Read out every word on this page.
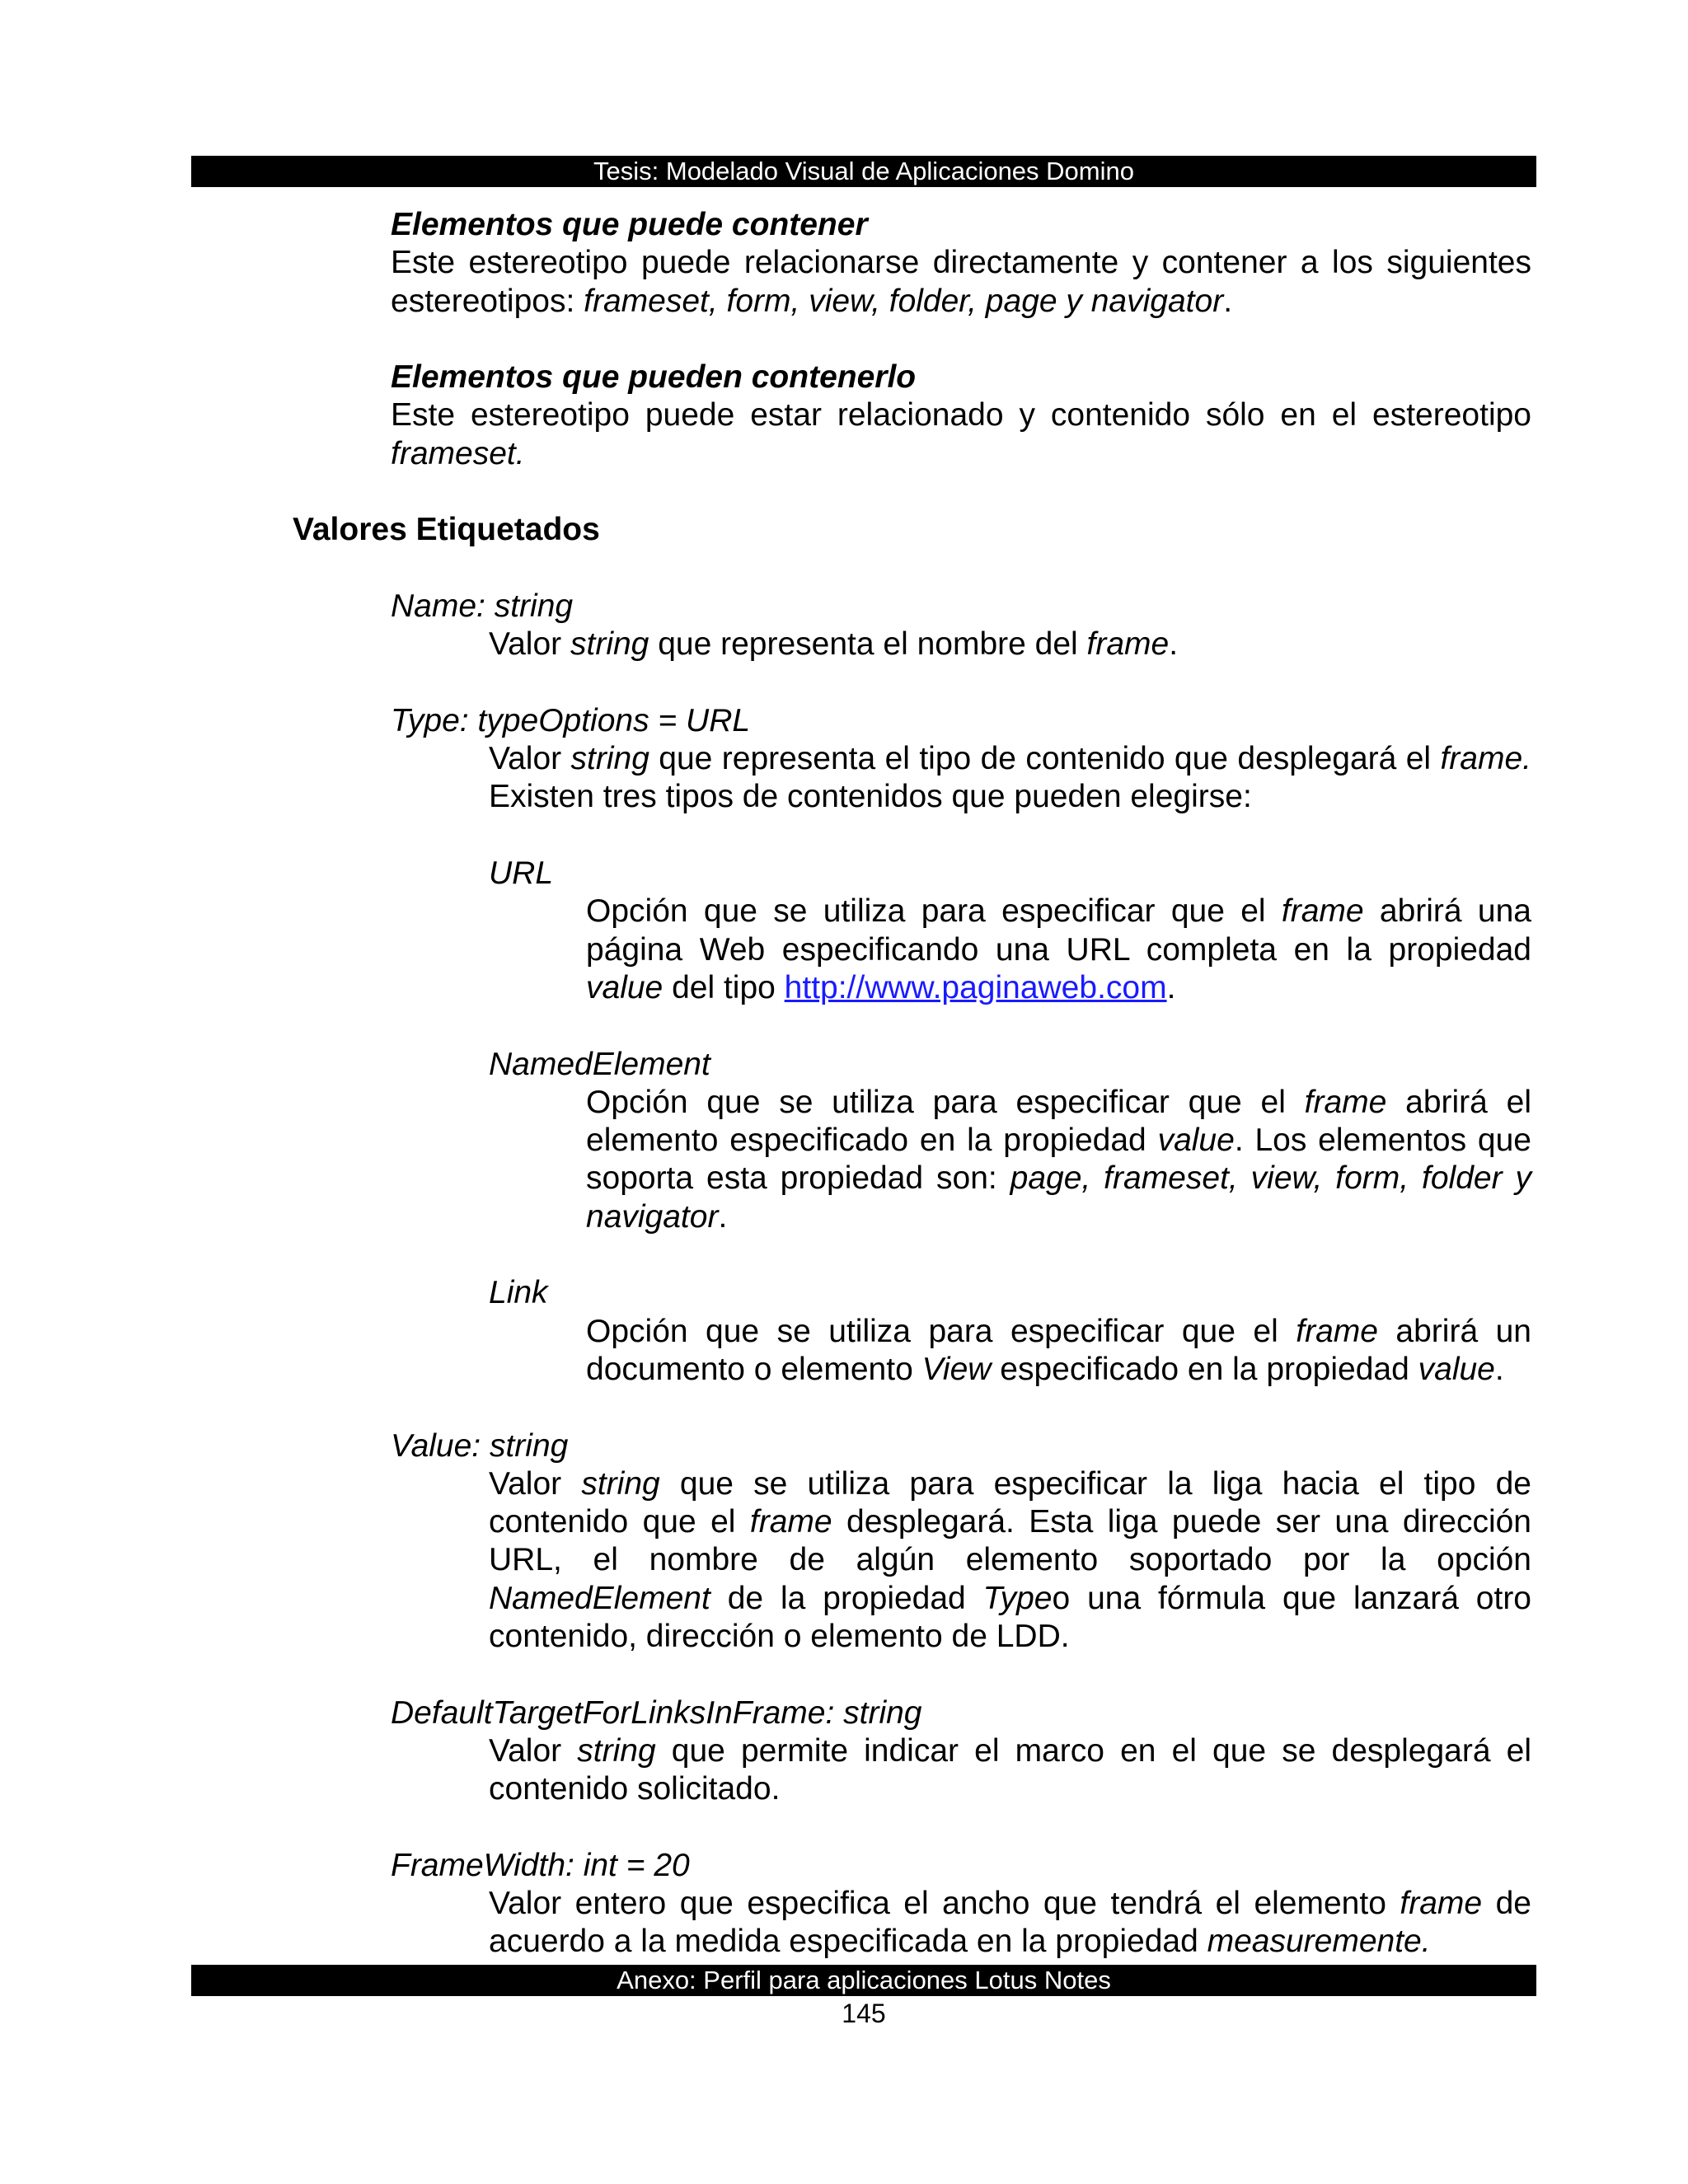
Tesis: Modelado Visual de Aplicaciones Domino

Elementos que puede contener

Este estereotipo puede relacionarse directamente y contener a los siguientes estereotipos: frameset, form, view, folder, page y navigator.

Elementos que pueden contenerlo

Este estereotipo puede estar relacionado y contenido sólo en el estereotipo frameset.

Valores Etiquetados

Name: string

Valor string que representa el nombre del frame.

Type: typeOptions = URL

Valor string que representa el tipo de contenido que desplegará el frame. Existen tres tipos de contenidos que pueden elegirse:

URL

Opción que se utiliza para especificar que el frame abrirá una página Web especificando una URL completa en la propiedad value del tipo http://www.paginaweb.com.

NamedElement

Opción que se utiliza para especificar que el frame abrirá el elemento especificado en la propiedad value. Los elementos que soporta esta propiedad son: page, frameset, view, form, folder y navigator.

Link

Opción que se utiliza para especificar que el frame abrirá un documento o elemento View especificado en la propiedad value.

Value: string

Valor string que se utiliza para especificar la liga hacia el tipo de contenido que el frame desplegará. Esta liga puede ser una dirección URL, el nombre de algún elemento soportado por la opción NamedElement de la propiedad Typeo una fórmula que lanzará otro contenido, dirección o elemento de LDD.

DefaultTargetForLinksInFrame: string

Valor string que permite indicar el marco en el que se desplegará el contenido solicitado.

FrameWidth: int = 20

Valor entero que especifica el ancho que tendrá el elemento frame de acuerdo a la medida especificada en la propiedad measuremente.

Anexo: Perfil para aplicaciones Lotus Notes
145
